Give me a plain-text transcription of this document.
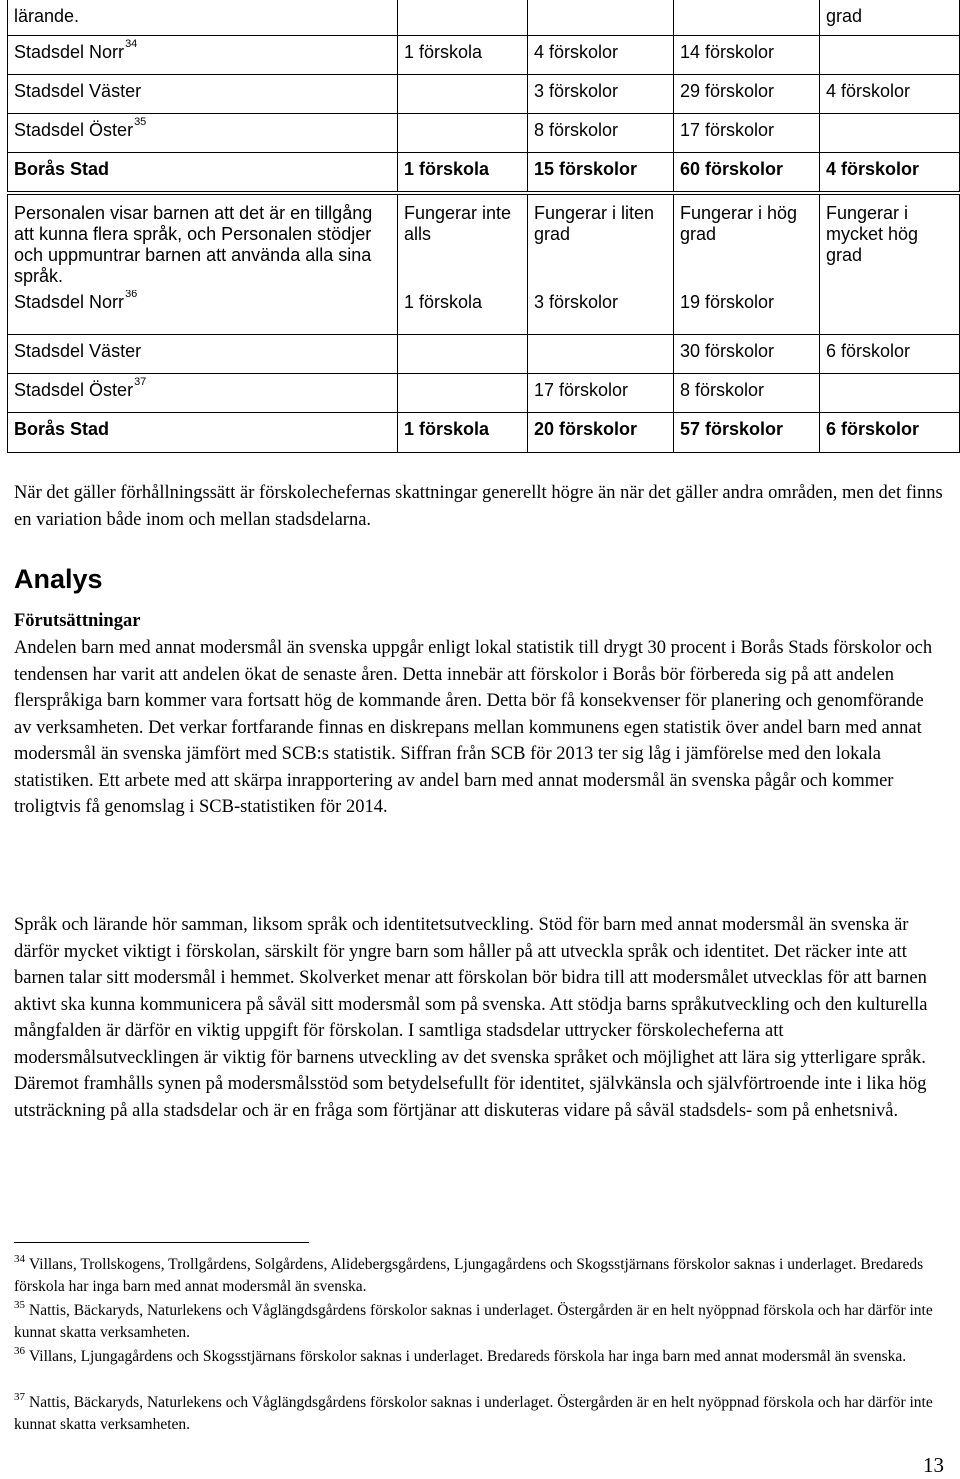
lärande.				grad
Stadsdel Norr$^{34}$	1 förskola	4 förskolor	14 förskolor	
Stadsdel Väster		3 förskolor	29 förskolor	4 förskolor
Stadsdel Öster$^{35}$		8 förskolor	17 förskolor	
Borås Stad	1 förskola	15 förskolor	60 förskolor	4 förskolor
Personalen visar barnen att det är en tillgång att kunna flera språk, och Personalen stödjer och uppmuntrar barnen att använda alla sina språk.	Fungerar inte alls	Fungerar i liten grad	Fungerar i hög grad	Fungerar i mycket hög grad
Stadsdel Norr$^{36}$	1 förskola	3 förskolor	19 förskolor	
Stadsdel Väster			30 förskolor	6 förskolor
Stadsdel Öster$^{37}$		17 förskolor	8 förskolor	
Borås Stad	1 förskola	20 förskolor	57 förskolor	6 förskolor

När det gäller förhållningssätt är förskolechefernas skattningar generellt högre än när det gäller andra områden, men det finns en variation både inom och mellan stadsdelarna.

Analys
Förutsättningar

Andelen barn med annat modersmål än svenska uppgår enligt lokal statistik till drygt 30 procent i Borås Stads förskolor och tendensen har varit att andelen ökat de senaste åren. Detta innebär att förskolor i Borås bör förbereda sig på att andelen flerspråkiga barn kommer vara fortsatt hög de kommande åren. Detta bör få konsekvenser för planering och genomförande av verksamheten. Det verkar fortfarande finnas en diskrepans mellan kommunens egen statistik över andel barn med annat modersmål än svenska jämfört med SCB:s statistik. Siffran från SCB för 2013 ter sig låg i jämförelse med den lokala statistiken. Ett arbete med att skärpa inrapportering av andel barn med annat modersmål än svenska pågår och kommer troligtvis få genomslag i SCB-statistiken för 2014.

Språk och lärande hör samman, liksom språk och identitetsutveckling. Stöd för barn med annat modersmål än svenska är därför mycket viktigt i förskolan, särskilt för yngre barn som håller på att utveckla språk och identitet. Det räcker inte att barnen talar sitt modersmål i hemmet. Skolverket menar att förskolan bör bidra till att modersmålet utvecklas för att barnen aktivt ska kunna kommunicera på såväl sitt modersmål som på svenska. Att stödja barns språkutveckling och den kulturella mångfalden är därför en viktig uppgift för förskolan. I samtliga stadsdelar uttrycker förskolecheferna att modersmålsutvecklingen är viktig för barnens utveckling av det svenska språket och möjlighet att lära sig ytterligare språk. Däremot framhålls synen på modersmålsstöd som betydelsefullt för identitet, självkänsla och självförtroende inte i lika hög utsträckning på alla stadsdelar och är en fråga som förtjänar att diskuteras vidare på såväl stadsdels- som på enhetsnivå.

$^{34}$ Villans, Trollskogens, Trollgårdens, Solgårdens, Alidebergsgårdens, Ljungagårdens och Skogsstjärnans förskolor saknas i underlaget. Bredareds förskola har inga barn med annat modersmål än svenska.
$^{35}$ Nattis, Bäckaryds, Naturlekens och Våglängdsgårdens förskolor saknas i underlaget. Östergården är en helt nyöppnad förskola och har därför inte kunnat skatta verksamheten.
$^{36}$ Villans, Ljungagårdens och Skogsstjärnans förskolor saknas i underlaget. Bredareds förskola har inga barn med annat modersmål än svenska.
$^{37}$ Nattis, Bäckaryds, Naturlekens och Våglängdsgårdens förskolor saknas i underlaget. Östergården är en helt nyöppnad förskola och har därför inte kunnat skatta verksamheten.
13
